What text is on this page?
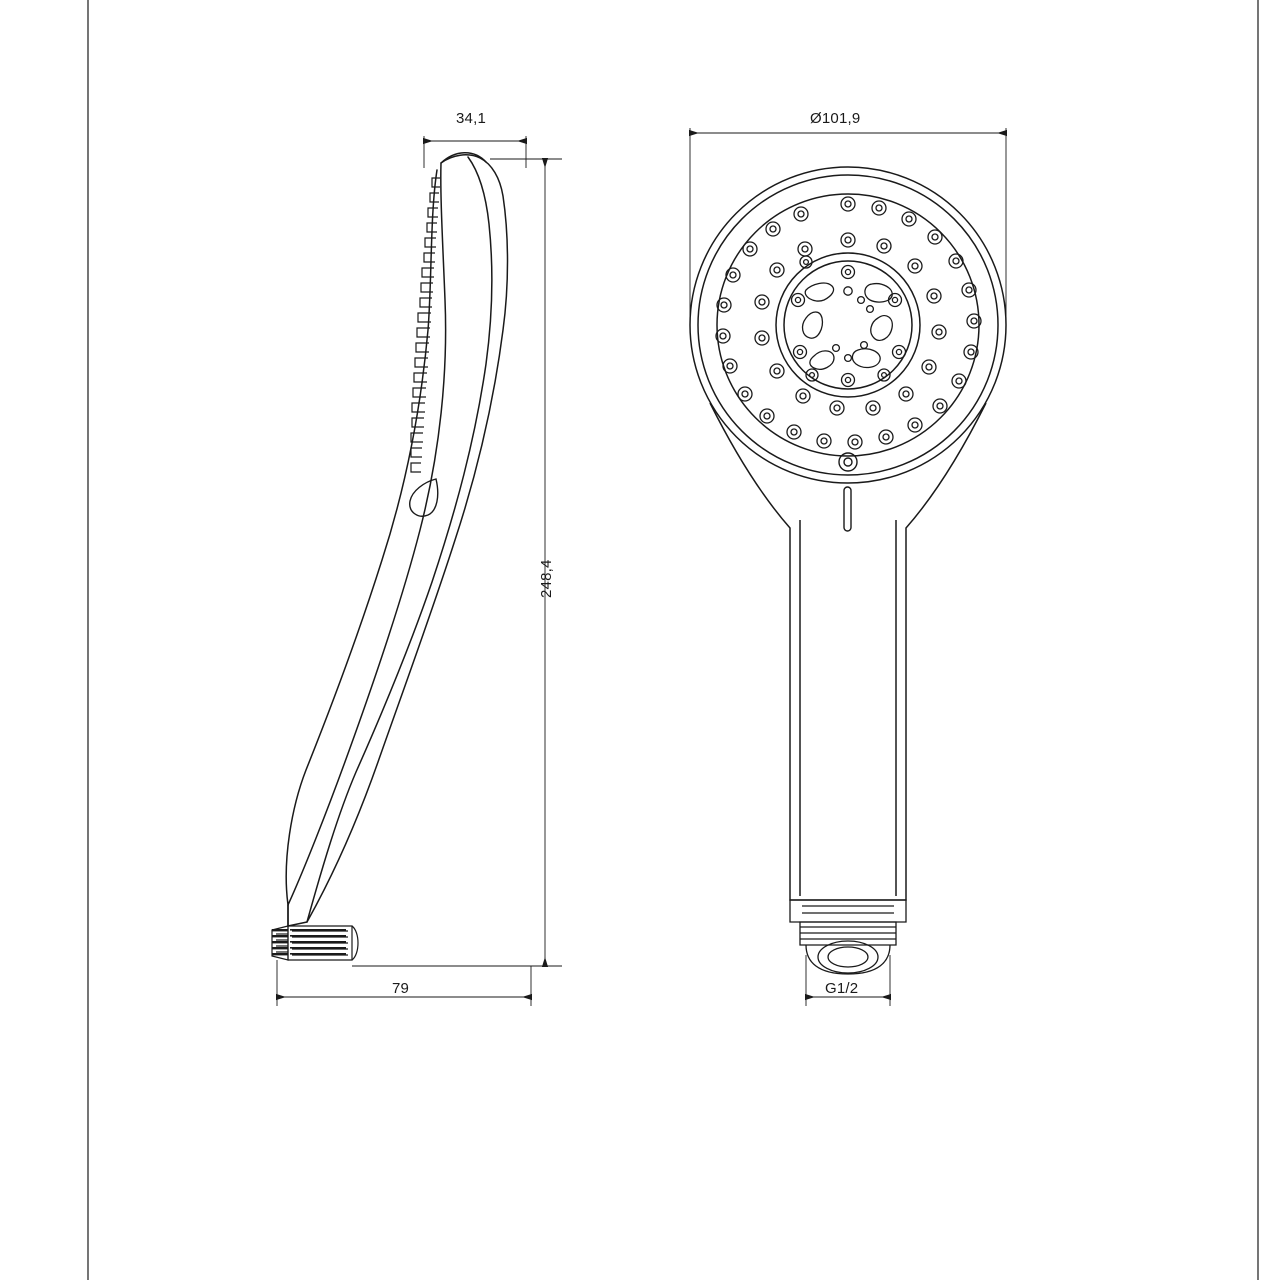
34,1
248,4
79
Ø101,9
G1/2
